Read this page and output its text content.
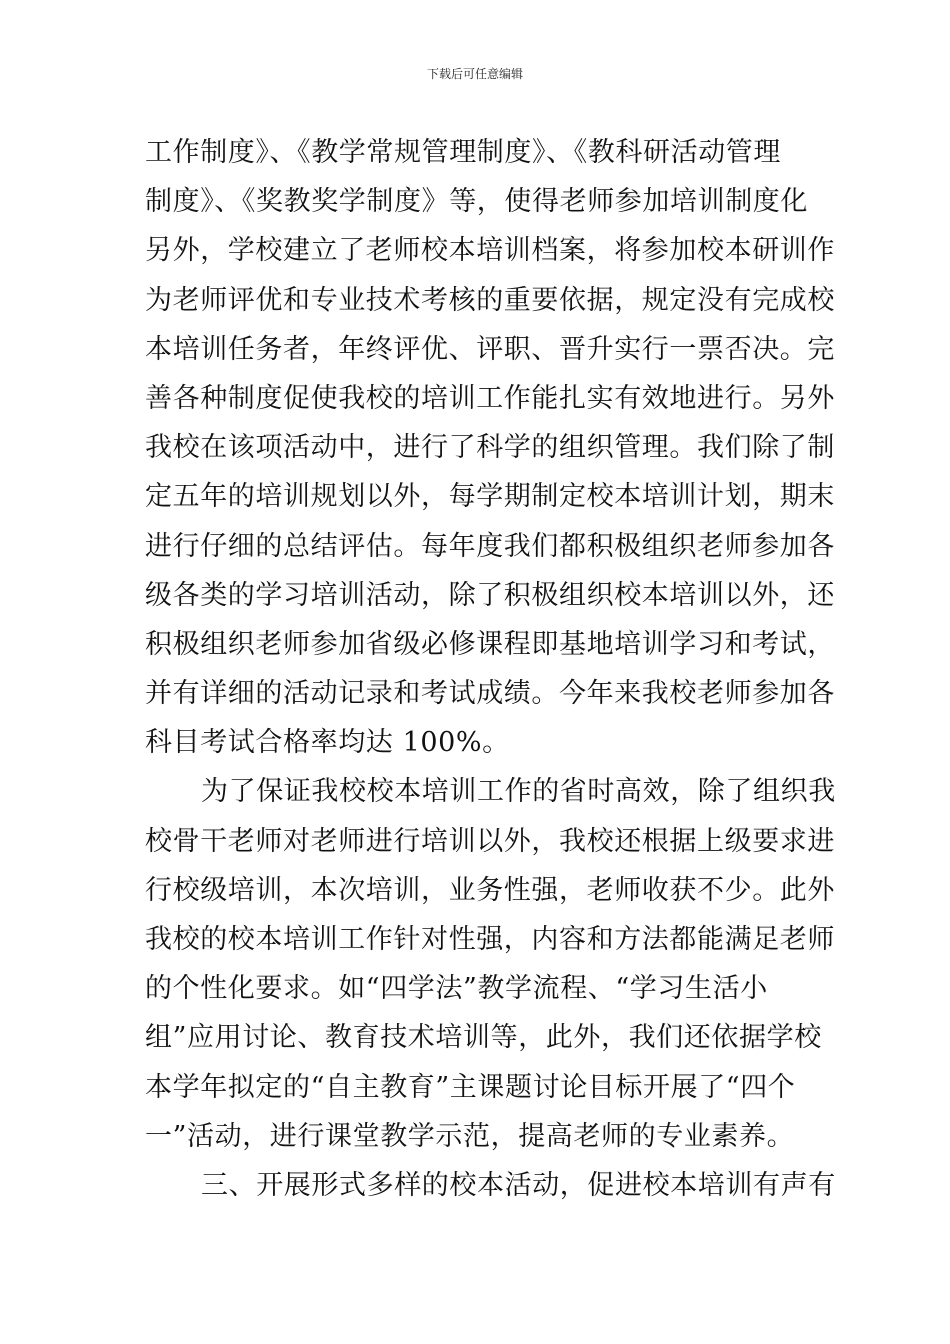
下载后可任意编辑
工作制度》、《教学常规管理制度》、《教科研活动管理
制度》、《奖教奖学制度》等，使得老师参加培训制度化
另外，学校建立了老师校本培训档案，将参加校本研训作
为老师评优和专业技术考核的重要依据，规定没有完成校
本培训任务者，年终评优、评职、晋升实行一票否决。完
善各种制度促使我校的培训工作能扎实有效地进行。另外
我校在该项活动中，进行了科学的组织管理。我们除了制
定五年的培训规划以外，每学期制定校本培训计划，期末
进行仔细的总结评估。每年度我们都积极组织老师参加各
级各类的学习培训活动，除了积极组织校本培训以外，还
积极组织老师参加省级必修课程即基地培训学习和考试，
并有详细的活动记录和考试成绩。今年来我校老师参加各
科目考试合格率均达 100%。
为了保证我校校本培训工作的省时高效，除了组织我
校骨干老师对老师进行培训以外，我校还根据上级要求进
行校级培训，本次培训，业务性强，老师收获不少。此外
我校的校本培训工作针对性强，内容和方法都能满足老师
的个性化要求。如“四学法”教学流程、“学习生活小
组”应用讨论、教育技术培训等，此外，我们还依据学校
本学年拟定的“自主教育”主课题讨论目标开展了“四个
一”活动，进行课堂教学示范，提高老师的专业素养。
三、开展形式多样的校本活动，促进校本培训有声有
